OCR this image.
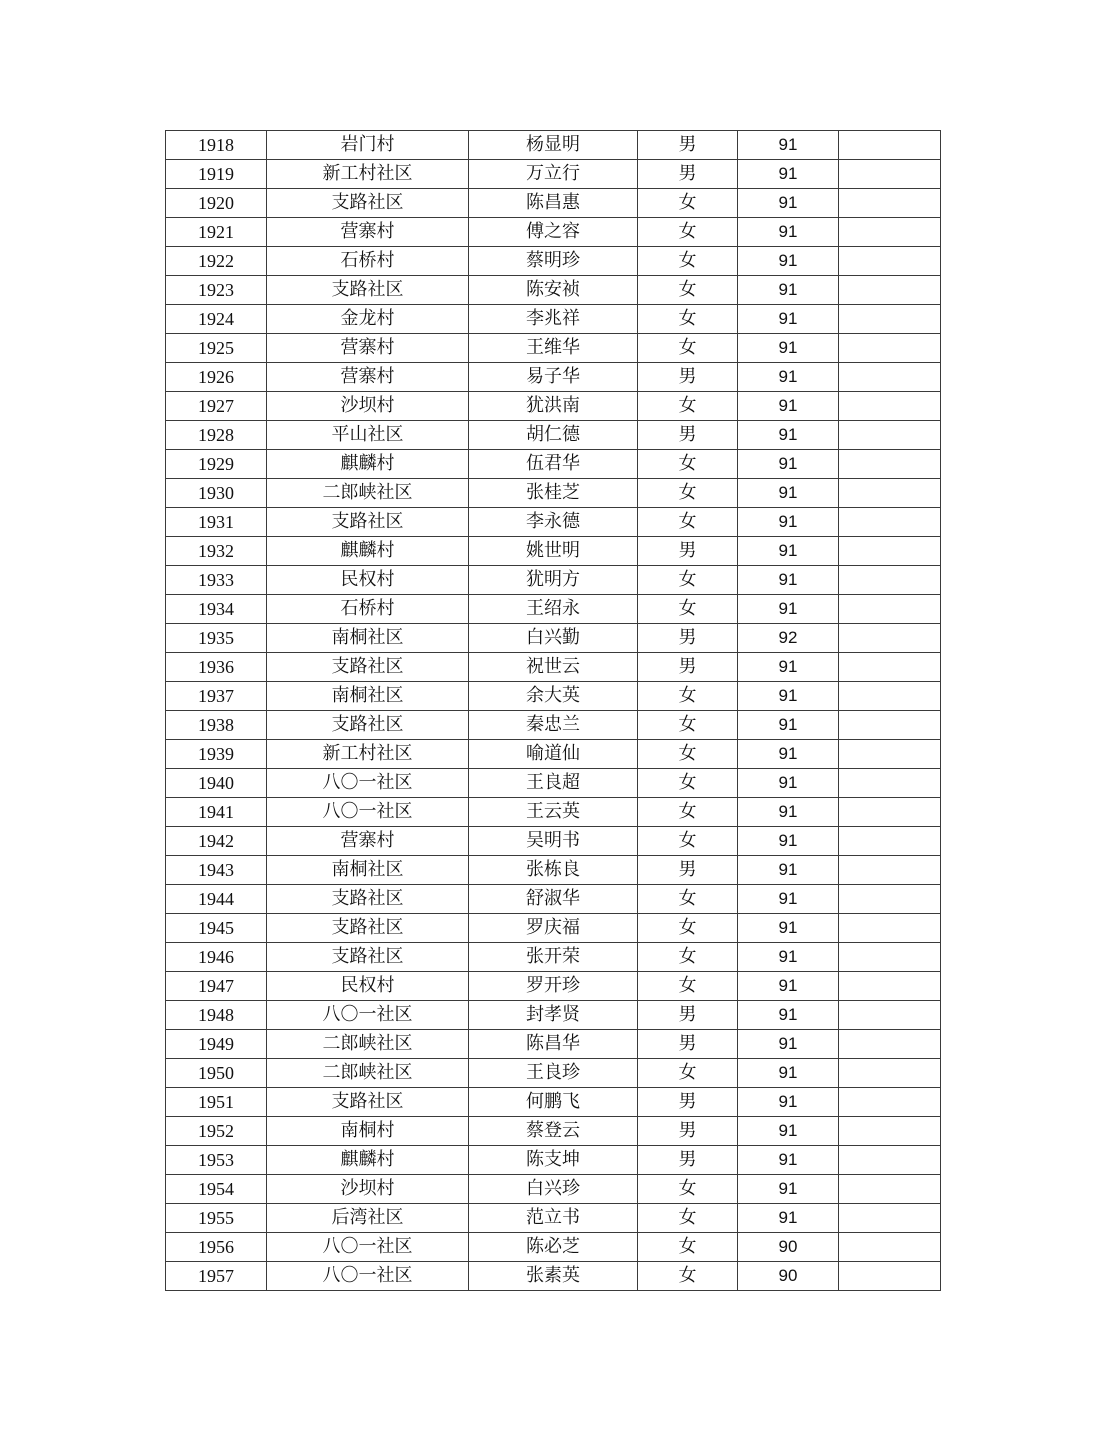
1918	岩门村	杨显明	男	91	
1919	新工村社区	万立行	男	91	
1920	支路社区	陈昌惠	女	91	
1921	营寨村	傅之容	女	91	
1922	石桥村	蔡明珍	女	91	
1923	支路社区	陈安祯	女	91	
1924	金龙村	李兆祥	女	91	
1925	营寨村	王维华	女	91	
1926	营寨村	易子华	男	91	
1927	沙坝村	犹洪南	女	91	
1928	平山社区	胡仁德	男	91	
1929	麒麟村	伍君华	女	91	
1930	二郎峡社区	张桂芝	女	91	
1931	支路社区	李永德	女	91	
1932	麒麟村	姚世明	男	91	
1933	民权村	犹明方	女	91	
1934	石桥村	王绍永	女	91	
1935	南桐社区	白兴勤	男	92	
1936	支路社区	祝世云	男	91	
1937	南桐社区	余大英	女	91	
1938	支路社区	秦忠兰	女	91	
1939	新工村社区	喻道仙	女	91	
1940	八〇一社区	王良超	女	91	
1941	八〇一社区	王云英	女	91	
1942	营寨村	吴明书	女	91	
1943	南桐社区	张栋良	男	91	
1944	支路社区	舒淑华	女	91	
1945	支路社区	罗庆福	女	91	
1946	支路社区	张开荣	女	91	
1947	民权村	罗开珍	女	91	
1948	八〇一社区	封孝贤	男	91	
1949	二郎峡社区	陈昌华	男	91	
1950	二郎峡社区	王良珍	女	91	
1951	支路社区	何鹏飞	男	91	
1952	南桐村	蔡登云	男	91	
1953	麒麟村	陈支坤	男	91	
1954	沙坝村	白兴珍	女	91	
1955	后湾社区	范立书	女	91	
1956	八〇一社区	陈必芝	女	90	
1957	八〇一社区	张素英	女	90	
